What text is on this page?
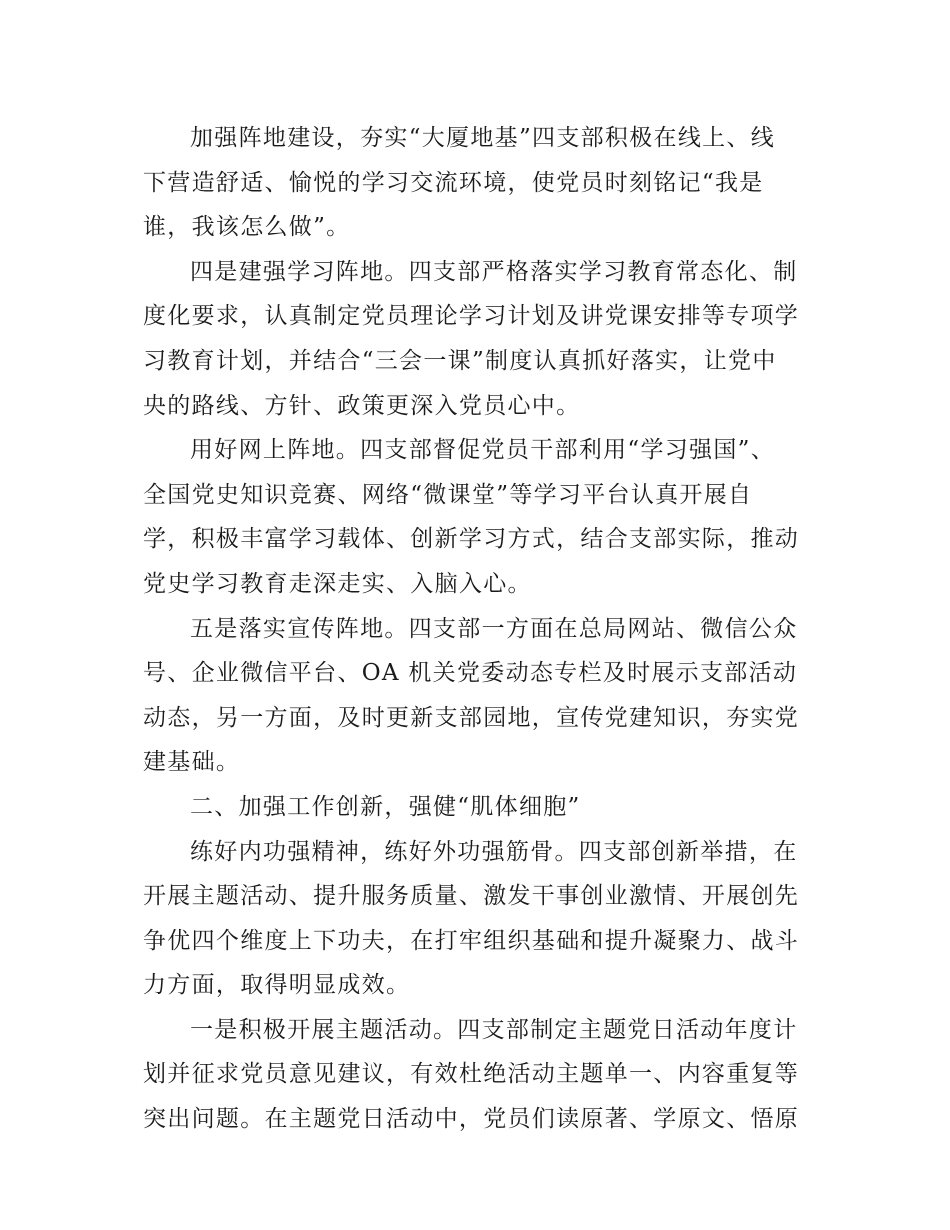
加强阵地建设，夯实“大厦地基”四支部积极在线上、线
下营造舒适、愉悦的学习交流环境，使党员时刻铭记“我是
谁，我该怎么做”。
四是建强学习阵地。四支部严格落实学习教育常态化、制
度化要求，认真制定党员理论学习计划及讲党课安排等专项学
习教育计划，并结合“三会一课”制度认真抓好落实，让党中
央的路线、方针、政策更深入党员心中。
用好网上阵地。四支部督促党员干部利用“学习强国”、
全国党史知识竞赛、网络“微课堂”等学习平台认真开展自
学，积极丰富学习载体、创新学习方式，结合支部实际，推动
党史学习教育走深走实、入脑入心。
五是落实宣传阵地。四支部一方面在总局网站、微信公众
号、企业微信平台、OA 机关党委动态专栏及时展示支部活动
动态，另一方面，及时更新支部园地，宣传党建知识，夯实党
建基础。
二、加强工作创新，强健“肌体细胞”
练好内功强精神，练好外功强筋骨。四支部创新举措，在
开展主题活动、提升服务质量、激发干事创业激情、开展创先
争优四个维度上下功夫，在打牢组织基础和提升凝聚力、战斗
力方面，取得明显成效。
一是积极开展主题活动。四支部制定主题党日活动年度计
划并征求党员意见建议，有效杜绝活动主题单一、内容重复等
突出问题。在主题党日活动中，党员们读原著、学原文、悟原
